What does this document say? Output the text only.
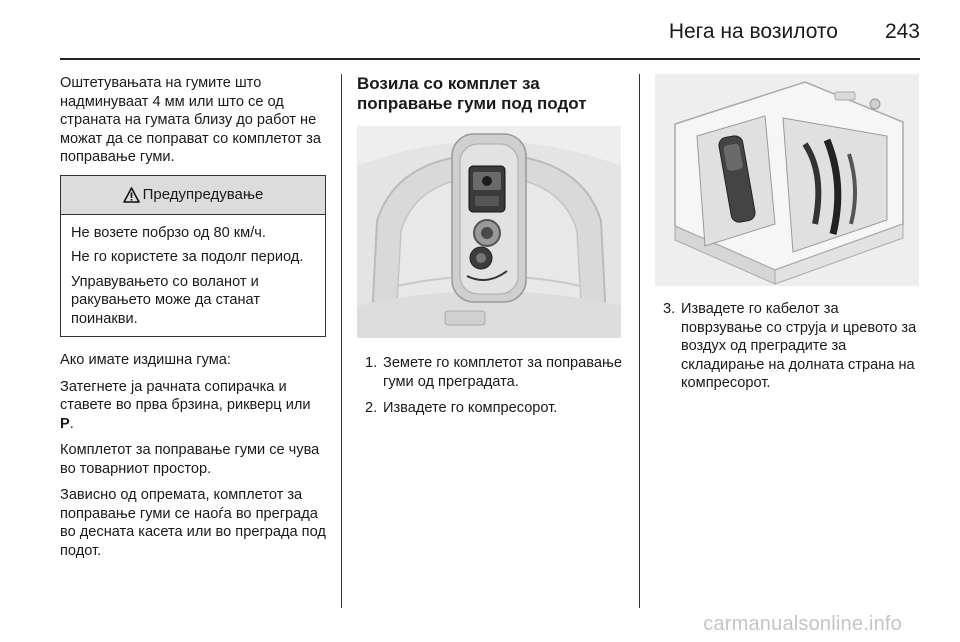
Нега на возилото 243

Оштетувањата на гумите што надминуваат 4 мм или што се од страната на гумата близу до работ не можат да се поправат со комплетот за поправање гуми.

Предупредување

Не возете побрзо од 80 км/ч.

Не го користете за подолг период.

Управувањето со воланот и ракувањето може да станат поинакви.

Ако имате издишна гума:

Затегнете ја рачната сопирачка и ставете во прва брзина, рикверц или P.

Комплетот за поправање гуми се чува во товарниот простор.

Зависно од опремата, комплетот за поправање гуми се наоѓа во преграда во десната касета или во преграда под подот.

Возила со комплет за поправање гуми под подот
1. Земете го комплетот за поправање гуми од преградата.
2. Извадете го компресорот.
3. Извадете го кабелот за поврзување со струја и цревото за воздух од преградите за складирање на долната страна на компресорот.
carmanualsonline.info
